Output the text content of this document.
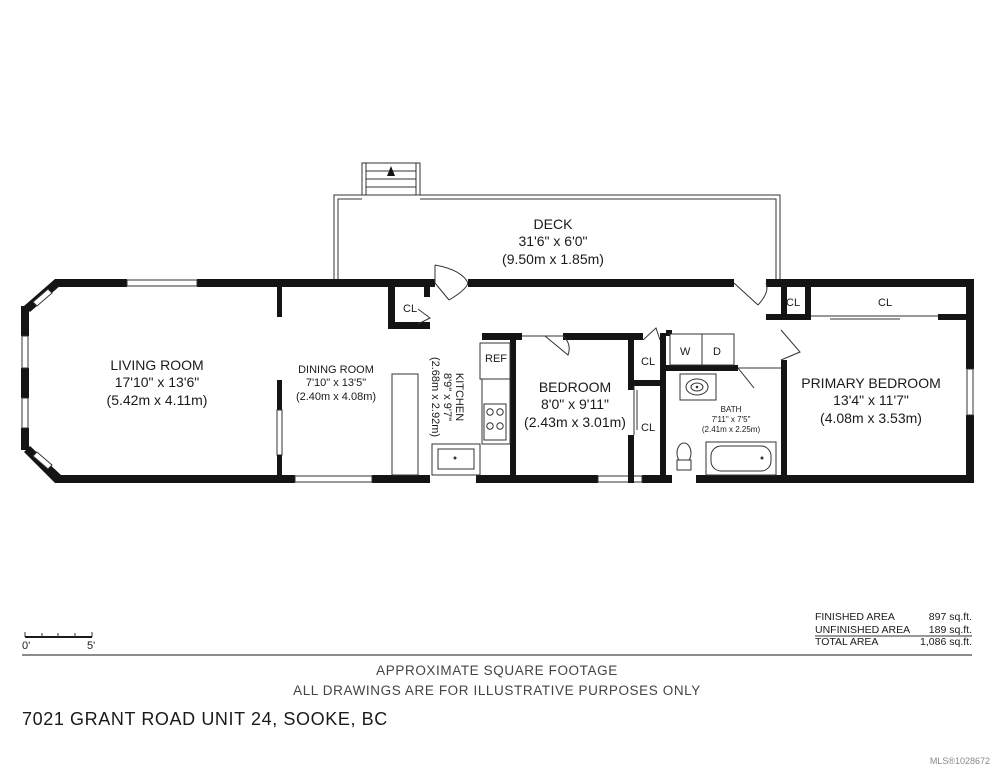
DECK
31'6" x 6'0"
(9.50m x 1.85m)
LIVING ROOM
17'10" x 13'6"
(5.42m x 4.11m)
DINING ROOM
7'10" x 13'5"
(2.40m x 4.08m)	KITCHEN
8'9" x 9'7"
(2.68m x 2.92m)	BEDROOM
8'0" x 9'11"
(2.43m x 3.01m)
BATH
7'11" x 7'5"
(2.41m x 2.25m)
PRIMARY BEDROOM
13'4" x 11'7"
(4.08m x 3.53m)
CL
REF	CL
CL
W D
CL	CL
FINISHED AREA	897 sq.ft.
UNFINISHED AREA 189 sq.ft.
TOTAL AREA	1,086 sq.ft.
0'	5'
APPROXIMATE SQUARE FOOTAGE
ALL DRAWINGS ARE FOR ILLUSTRATIVE PURPOSES ONLY
7021 GRANT ROAD UNIT 24, SOOKE, BC
MLS®1028672
